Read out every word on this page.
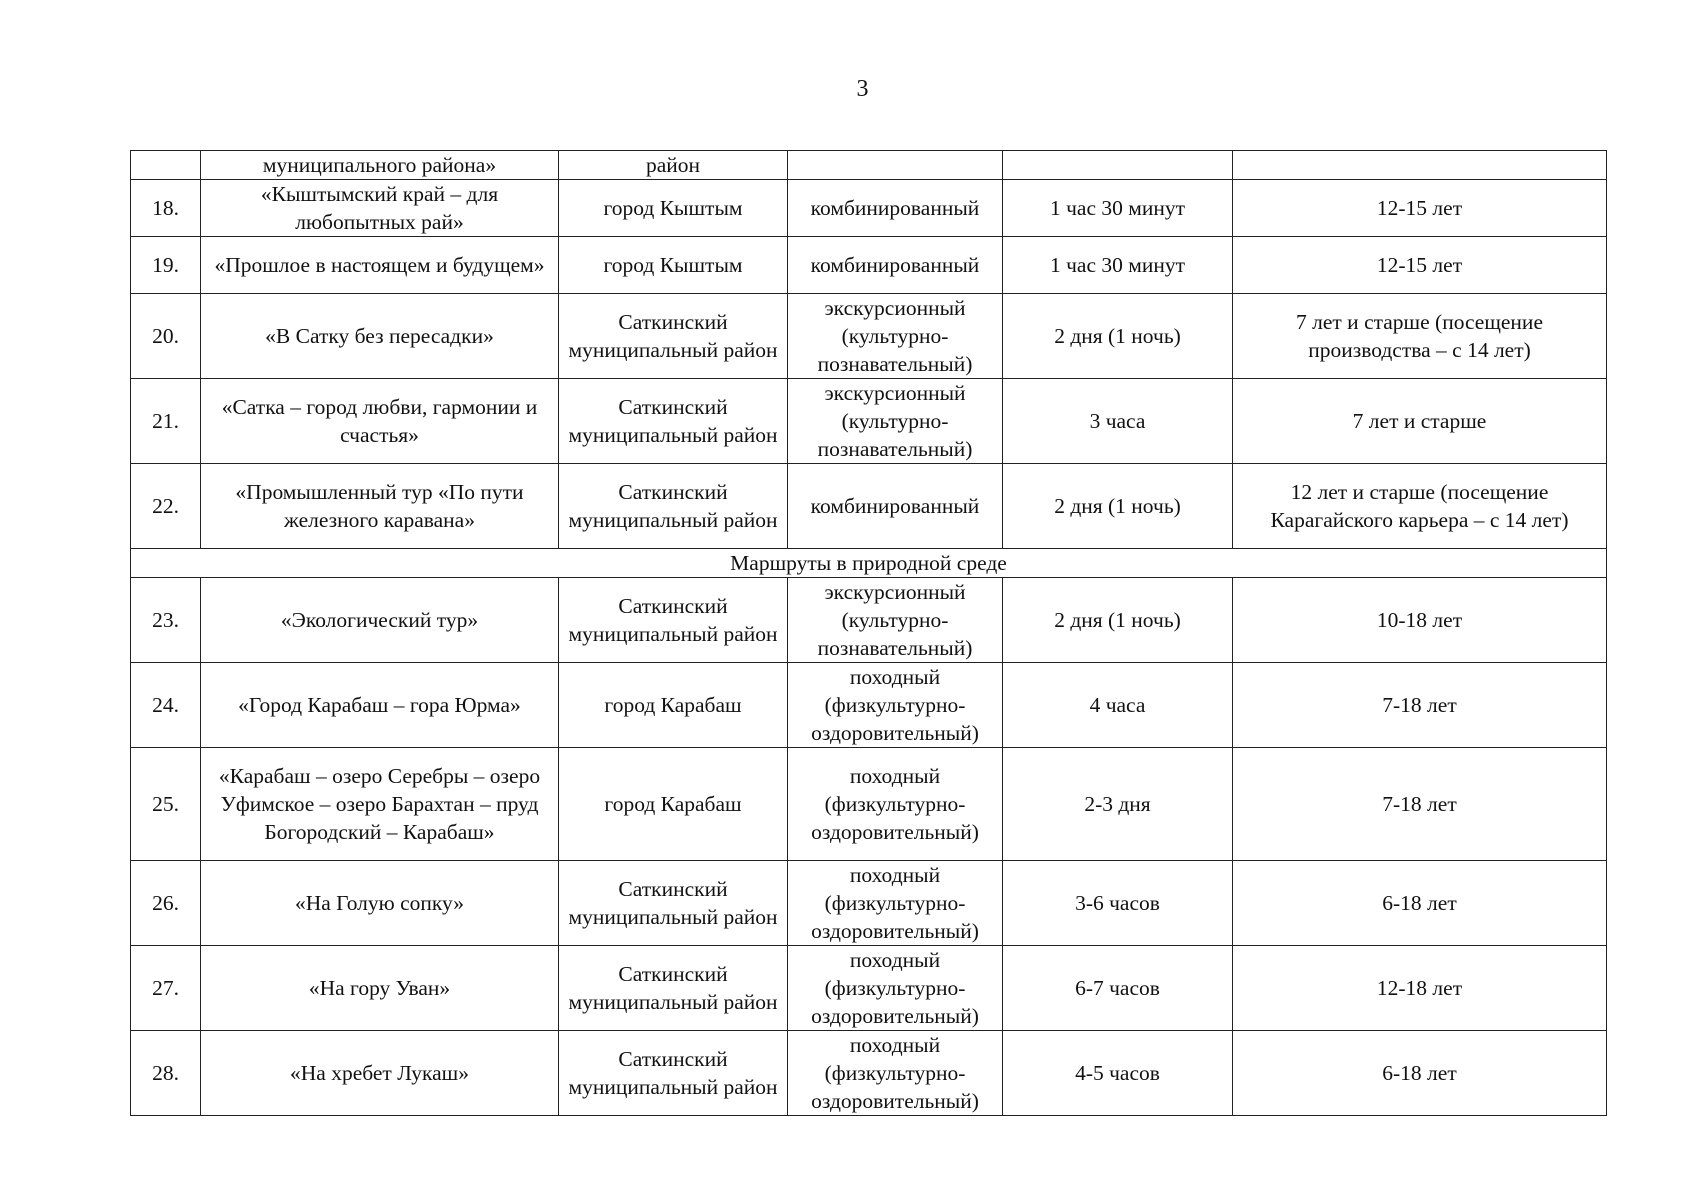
3
	муниципального района»	район			
18.	«Кыштымский край – для любопытных рай»	город Кыштым	комбинированный	1 час 30 минут	12-15 лет
19.	«Прошлое в настоящем и будущем»	город Кыштым	комбинированный	1 час 30 минут	12-15 лет
20.	«В Сатку без пересадки»	Саткинский муниципальный район	экскурсионный (культурно-познавательный)	2 дня (1 ночь)	7 лет и старше (посещение производства – с 14 лет)
21.	«Сатка – город любви, гармонии и счастья»	Саткинский муниципальный район	экскурсионный (культурно-познавательный)	3 часа	7 лет и старше
22.	«Промышленный тур «По пути железного каравана»	Саткинский муниципальный район	комбинированный	2 дня (1 ночь)	12 лет и старше (посещение Карагайского карьера – с 14 лет)
Маршруты в природной среде					
23.	«Экологический тур»	Саткинский муниципальный район	экскурсионный (культурно-познавательный)	2 дня (1 ночь)	10-18 лет
24.	«Город Карабаш – гора Юрма»	город Карабаш	походный (физкультурно-оздоровительный)	4 часа	7-18 лет
25.	«Карабаш – озеро Серебры – озеро Уфимское – озеро Барахтан – пруд Богородский – Карабаш»	город Карабаш	походный (физкультурно-оздоровительный)	2-3 дня	7-18 лет
26.	«На Голую сопку»	Саткинский муниципальный район	походный (физкультурно-оздоровительный)	3-6 часов	6-18 лет
27.	«На гору Уван»	Саткинский муниципальный район	походный (физкультурно-оздоровительный)	6-7 часов	12-18 лет
28.	«На хребет Лукаш»	Саткинский муниципальный район	походный (физкультурно-оздоровительный)	4-5 часов	6-18 лет
